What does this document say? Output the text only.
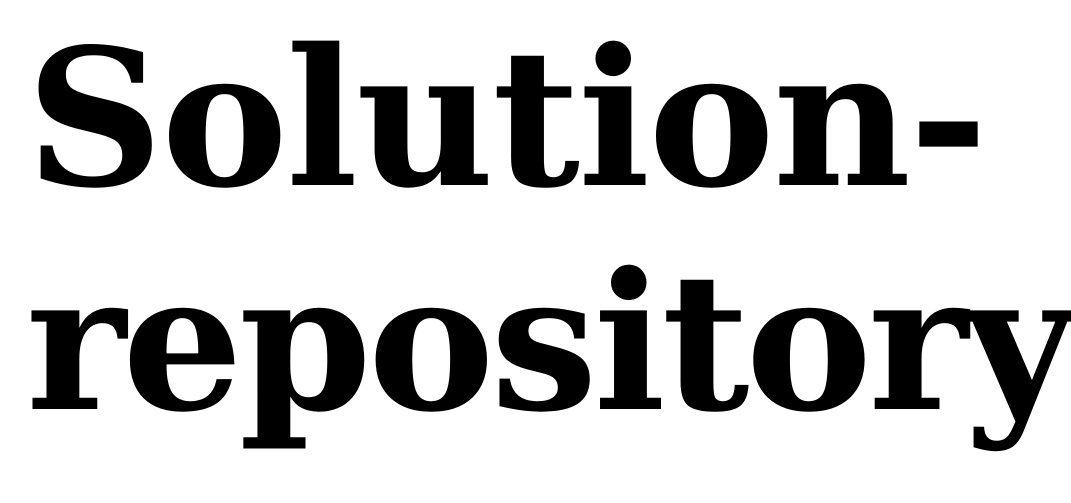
Solution-
repository
